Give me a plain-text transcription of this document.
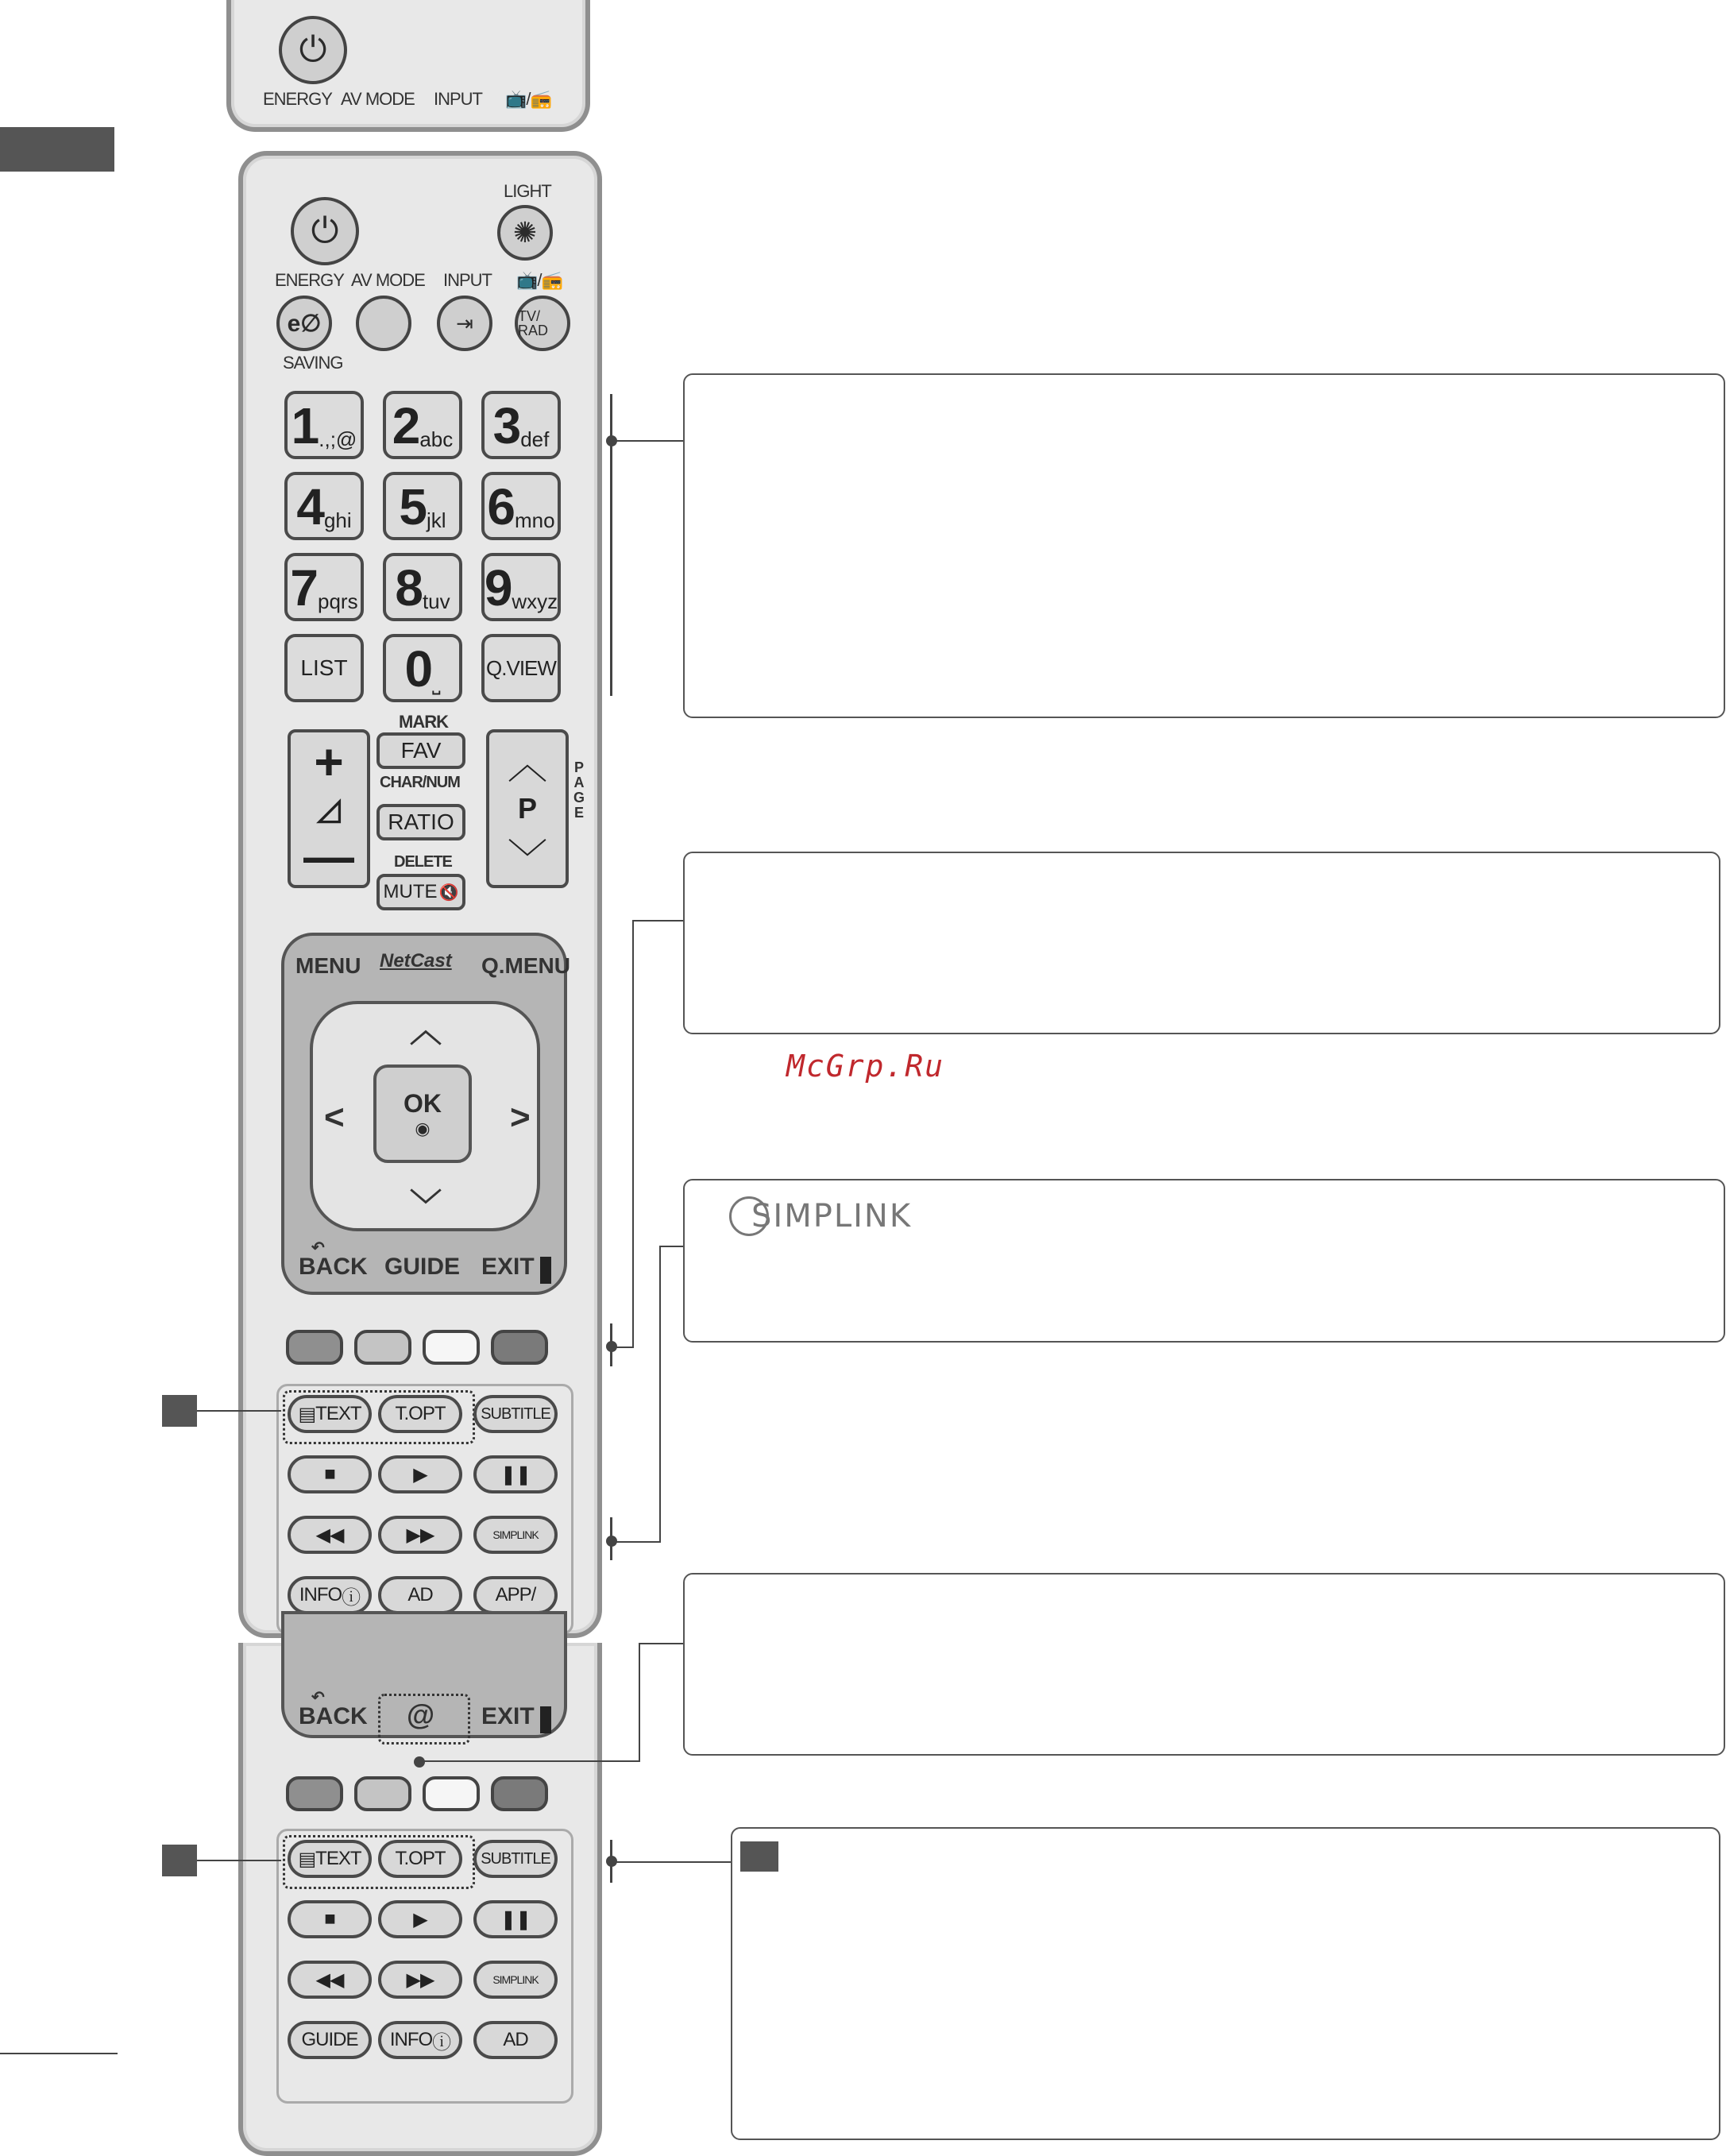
⏻
ENERGY AV MODE INPUT 📺/📻
⏻
LIGHT
✺
ENERGY AV MODE INPUT 📺/📻
e∅	⇥	TV/ RAD
SAVING
1 .,;@ 2 abc 3 def
4 ghi 5 jkl 6 mno
7 pqrs 8 tuv 9 wxyz
LIST 0 ⎵
Q.VIEW
+
◿
—
MARK
FAV
CHAR/NUM
RATIO
DELETE
MUTE 🔇
︿
P
﹀
PAGE
MENU NetCast Q.MENU
︿
<	>
﹀
OK
◉
↶
BACK GUIDE EXIT
▤ TEXT	T.OPT	SUBTITLE
■	▶	❚❚
◀◀	▶▶	SIMPLINK
INFO ⓘ	AD	APP/
↶
BACK @ EXIT
▤ TEXT	T.OPT	SUBTITLE
■	▶	❚❚
◀◀	▶▶	SIMPLINK
GUIDE	INFO ⓘ	AD
SIMPLINK
McGrp.Ru
